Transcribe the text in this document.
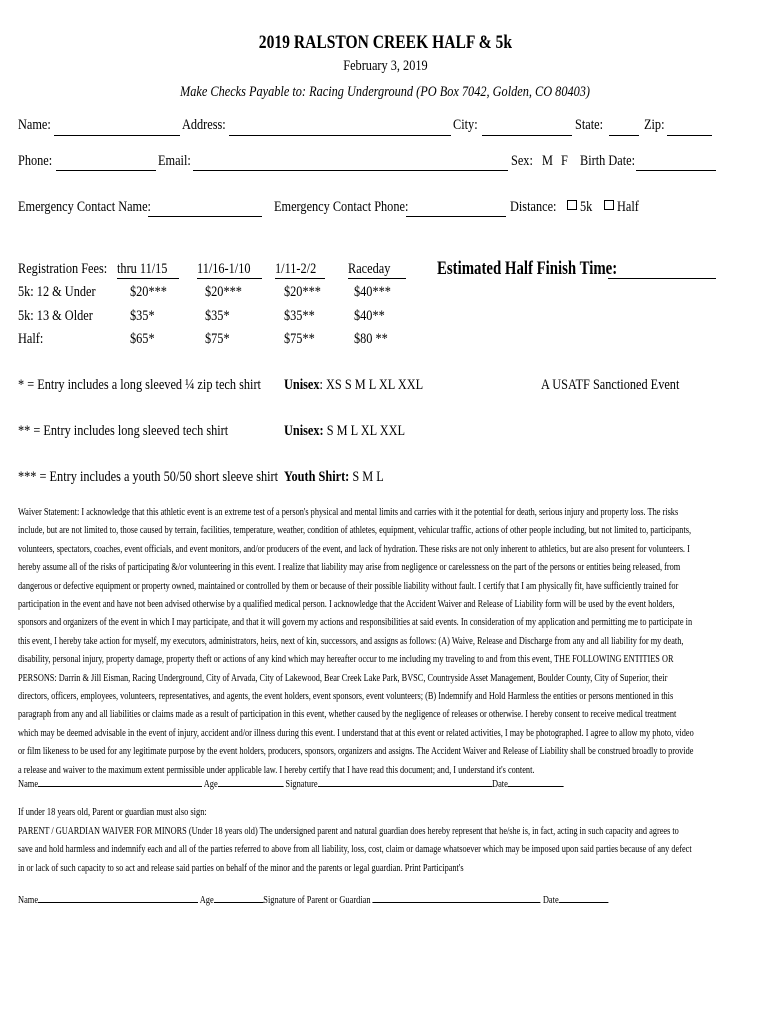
2019 RALSTON CREEK HALF & 5k
February 3, 2019
Make Checks Payable to: Racing Underground (PO Box 7042, Golden, CO 80403)
Name:	Address:	City:	State:	Zip:
Phone:	Email:	Sex: M F Birth Date:
Emergency Contact Name:	Emergency Contact Phone:	Distance:	5k	Half
Registration Fees: thru 11/15	11/16-1/10	1/11-2/2	Raceday
5k: 12 & Under	$20***	$20***	$20***	$40***
5k: 13 & Older	$35*	$35*	$35**	$40**
Half:	$65*	$75*	$75**	$80 **
Estimated Half Finish Time:
* = Entry includes a long sleeved ¼ zip tech shirt	Unisex: XS S M L XL XXL	A USATF Sanctioned Event
** = Entry includes long sleeved tech shirt	Unisex: S M L XL XXL
*** = Entry includes a youth 50/50 short sleeve shirt Youth Shirt: S M L
Waiver Statement: I acknowledge that this athletic event is an extreme test of a person's physical and mental limits and carries with it the potential for death, serious injury and property loss. The risks
include, but are not limited to, those caused by terrain, facilities, temperature, weather, condition of athletes, equipment, vehicular traffic, actions of other people including, but not limited to, participants,
volunteers, spectators, coaches, event officials, and event monitors, and/or producers of the event, and lack of hydration. These risks are not only inherent to athletics, but are also present for volunteers. I
hereby assume all of the risks of participating &/or volunteering in this event. I realize that liability may arise from negligence or carelessness on the part of the persons or entities being released, from
dangerous or defective equipment or property owned, maintained or controlled by them or because of their possible liability without fault. I certify that I am physically fit, have sufficiently trained for
participation in the event and have not been advised otherwise by a qualified medical person. I acknowledge that the Accident Waiver and Release of Liability form will be used by the event holders,
sponsors and organizers of the event in which I may participate, and that it will govern my actions and responsibilities at said events. In consideration of my application and permitting me to participate in
this event, I hereby take action for myself, my executors, administrators, heirs, next of kin, successors, and assigns as follows: (A) Waive, Release and Discharge from any and all liability for my death,
disability, personal injury, property damage, property theft or actions of any kind which may hereafter occur to me including my traveling to and from this event, THE FOLLOWING ENTITIES OR
PERSONS: Darrin & Jill Eisman, Racing Underground, City of Arvada, City of Lakewood, Bear Creek Lake Park, BVSC, Countryside Asset Management, Boulder County, City of Superior, their
directors, officers, employees, volunteers, representatives, and agents, the event holders, event sponsors, event volunteers; (B) Indemnify and Hold Harmless the entities or persons mentioned in this
paragraph from any and all liabilities or claims made as a result of participation in this event, whether caused by the negligence of releases or otherwise. I hereby consent to receive medical treatment
which may be deemed advisable in the event of injury, accident and/or illness during this event. I understand that at this event or related activities, I may be photographed. I agree to allow my photo, video
or film likeness to be used for any legitimate purpose by the event holders, producers, sponsors, organizers and assigns. The Accident Waiver and Release of Liability shall be construed broadly to provide
a release and waiver to the maximum extent permissible under applicable law. I hereby certify that I have read this document; and, I understand it's content.
Name	Age	Signature	Date
If under 18 years old, Parent or guardian must also sign:
PARENT / GUARDIAN WAIVER FOR MINORS (Under 18 years old) The undersigned parent and natural guardian does hereby represent that he/she is, in fact, acting in such capacity and agrees to
save and hold harmless and indemnify each and all of the parties referred to above from all liability, loss, cost, claim or damage whatsoever which may be imposed upon said parties because of any defect
in or lack of such capacity to so act and release said parties on behalf of the minor and the parents or legal guardian. Print Participant's
Name	Age	Signature of Parent or Guardian	Date
